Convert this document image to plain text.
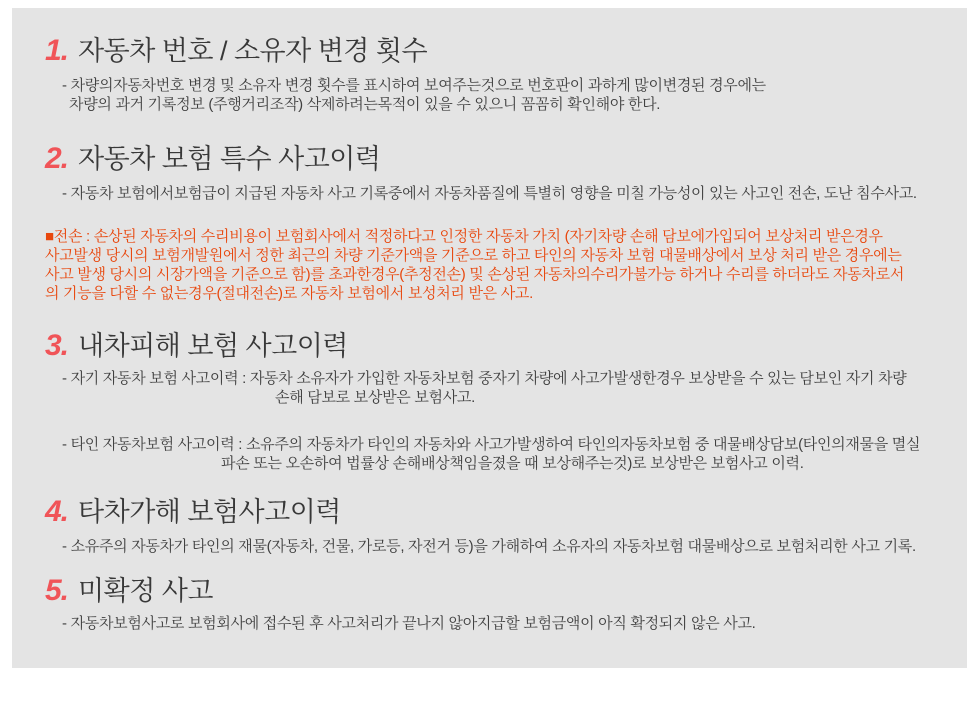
1. 자동차 번호 / 소유자 변경 횟수
- 차량의자동차번호 변경 및 소유자 변경 횟수를 표시하여 보여주는것으로 번호판이 과하게 많이변경된 경우에는
차량의 과거 기록정보 (주행거리조작) 삭제하려는목적이 있을 수 있으니 꼼꼼히 확인해야 한다.
2. 자동차 보험 특수 사고이력
- 자동차 보험에서보험급이 지급된 자동차 사고 기록중에서 자동차품질에 특별히 영향을 미칠 가능성이 있는 사고인 전손, 도난 침수사고.
■전손 : 손상된 자동차의 수리비용이 보험회사에서 적정하다고 인정한 자동차 가치 (자기차량 손해 담보에가입되어 보상처리 받은경우
사고발생 당시의 보험개발원에서 정한 최근의 차량 기준가액을 기준으로 하고 타인의 자동차 보험 대물배상에서 보상 처리 받은 경우에는
사고 발생 당시의 시장가액을 기준으로 함)를 초과한경우(추정전손) 및 손상된 자동차의수리가불가능 하거나 수리를 하더라도 자동차로서
의 기능을 다할 수 없는경우(절대전손)로 자동차 보험에서 보성처리 받은 사고.
3. 내차피해 보험 사고이력
- 자기 자동차 보험 사고이력 : 자동차 소유자가 가입한 자동차보험 중자기 차량에 사고가발생한경우 보상받을 수 있는 담보인 자기 차량
손해 담보로 보상받은 보험사고.
- 타인 자동차보험 사고이력 : 소유주의 자동차가 타인의 자동차와 사고가발생하여 타인의자동차보험 중 대물배상담보(타인의재물을 멸실
파손 또는 오손하여 법률상 손해배상책임을졌을 때 보상해주는것)로 보상받은 보험사고 이력.
4. 타차가해 보험사고이력
- 소유주의 자동차가 타인의 재물(자동차, 건물, 가로등, 자전거 등)을 가해하여 소유자의 자동차보험 대물배상으로 보험처리한 사고 기록.
5. 미확정 사고
- 자동차보험사고로 보험회사에 접수된 후 사고처리가 끝나지 않아지급할 보험금액이 아직 확정되지 않은 사고.
